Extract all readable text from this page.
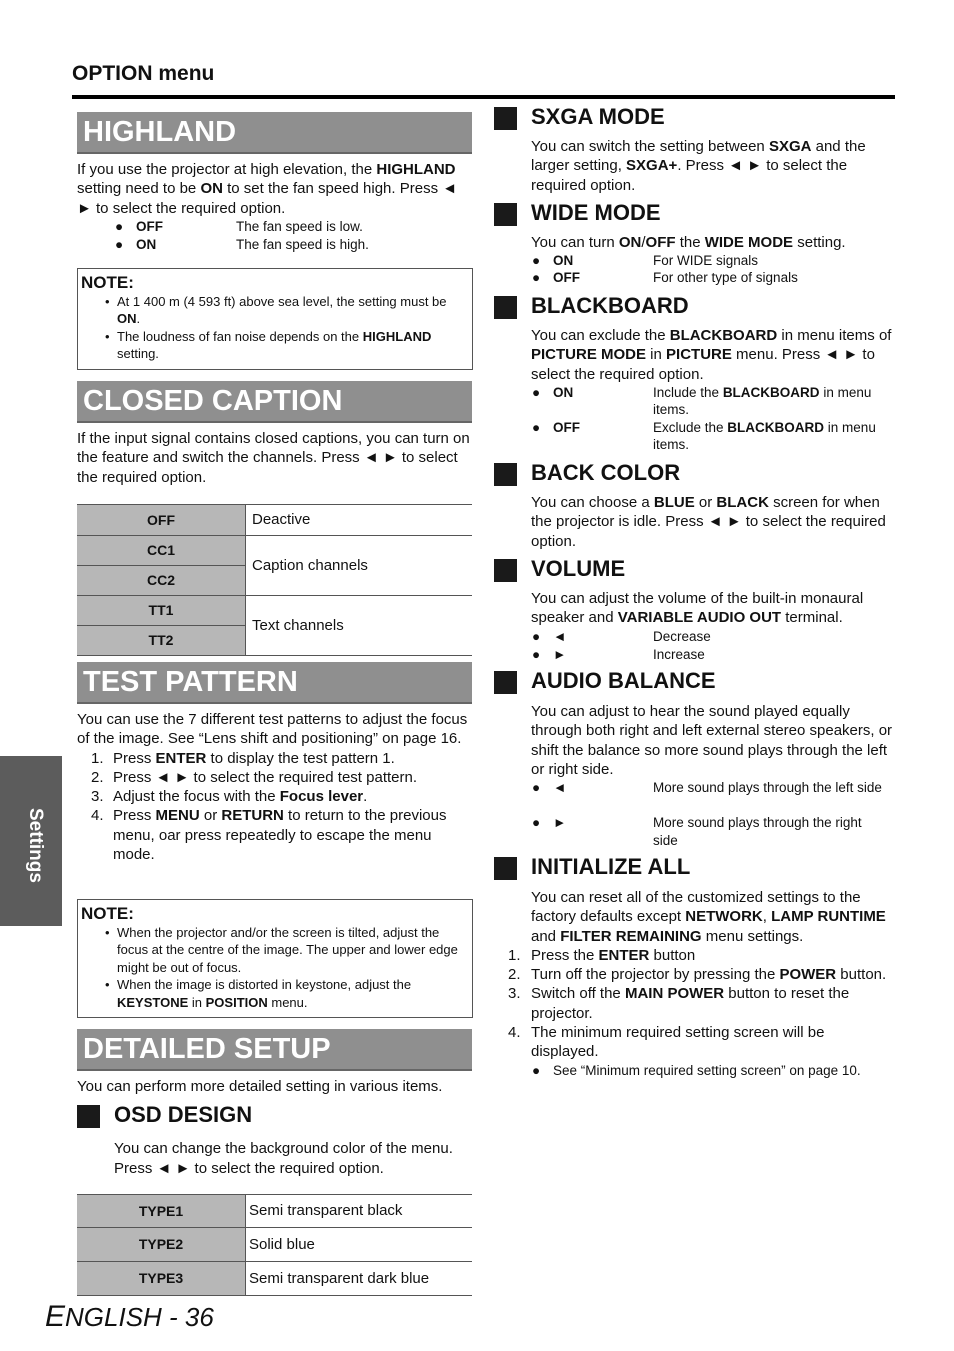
OPTION menu
HIGHLAND
If you use the projector at high elevation, the HIGHLAND setting need to be ON to set the fan speed high. Press ◄ ► to select the required option.
● OFF	The fan speed is low.
● ON	The fan speed is high.
NOTE:
• At 1 400 m (4 593 ft) above sea level, the setting must be ON.
• The loudness of fan noise depends on the HIGHLAND setting.
CLOSED CAPTION
If the input signal contains closed captions, you can turn on the feature and switch the channels. Press ◄ ► to select the required option.
OFF	Deactive
CC1	Caption channels
CC2	
TT1	Text channels
TT2	
TEST PATTERN
You can use the 7 different test patterns to adjust the focus of the image. See “Lens shift and positioning” on page 16.
1. Press ENTER to display the test pattern 1.
2. Press ◄ ► to select the required test pattern.
3. Adjust the focus with the Focus lever.
4. Press MENU or RETURN to return to the previous menu, oar press repeatedly to escape the menu mode.
NOTE:
• When the projector and/or the screen is tilted, adjust the focus at the centre of the image. The upper and lower edge might be out of focus.
• When the image is distorted in keystone, adjust the KEYSTONE in POSITION menu.
DETAILED SETUP
You can perform more detailed setting in various items.
OSD DESIGN
You can change the background color of the menu. Press ◄ ► to select the required option.
TYPE1	Semi transparent black
TYPE2	Solid blue
TYPE3	Semi transparent dark blue
SXGA MODE
You can switch the setting between SXGA and the larger setting, SXGA+. Press ◄ ► to select the required option.
WIDE MODE
You can turn ON/OFF the WIDE MODE setting.
● ON	For WIDE signals
● OFF	For other type of signals
BLACKBOARD
You can exclude the BLACKBOARD in menu items of PICTURE MODE in PICTURE menu. Press ◄ ► to select the required option.
● ON	Include the BLACKBOARD in menu items.
● OFF	Exclude the BLACKBOARD in menu items.
BACK COLOR
You can choose a BLUE or BLACK screen for when the projector is idle. Press ◄ ► to select the required option.
VOLUME
You can adjust the volume of the built-in monaural speaker and VARIABLE AUDIO OUT terminal.
● ◄	Decrease
● ►	Increase
AUDIO BALANCE
You can adjust to hear the sound played equally through both right and left external stereo speakers, or shift the balance so more sound plays through the left or right side.
● ◄	More sound plays through the left side
● ►	More sound plays through the right side
INITIALIZE ALL
You can reset all of the customized settings to the factory defaults except NETWORK, LAMP RUNTIME and FILTER REMAINING menu settings.
1. Press the ENTER button
2. Turn off the projector by pressing the POWER button.
3. Switch off the MAIN POWER button to reset the projector.
4. The minimum required setting screen will be displayed.
● See “Minimum required setting screen” on page 10.
Settings
ENGLISH - 36
